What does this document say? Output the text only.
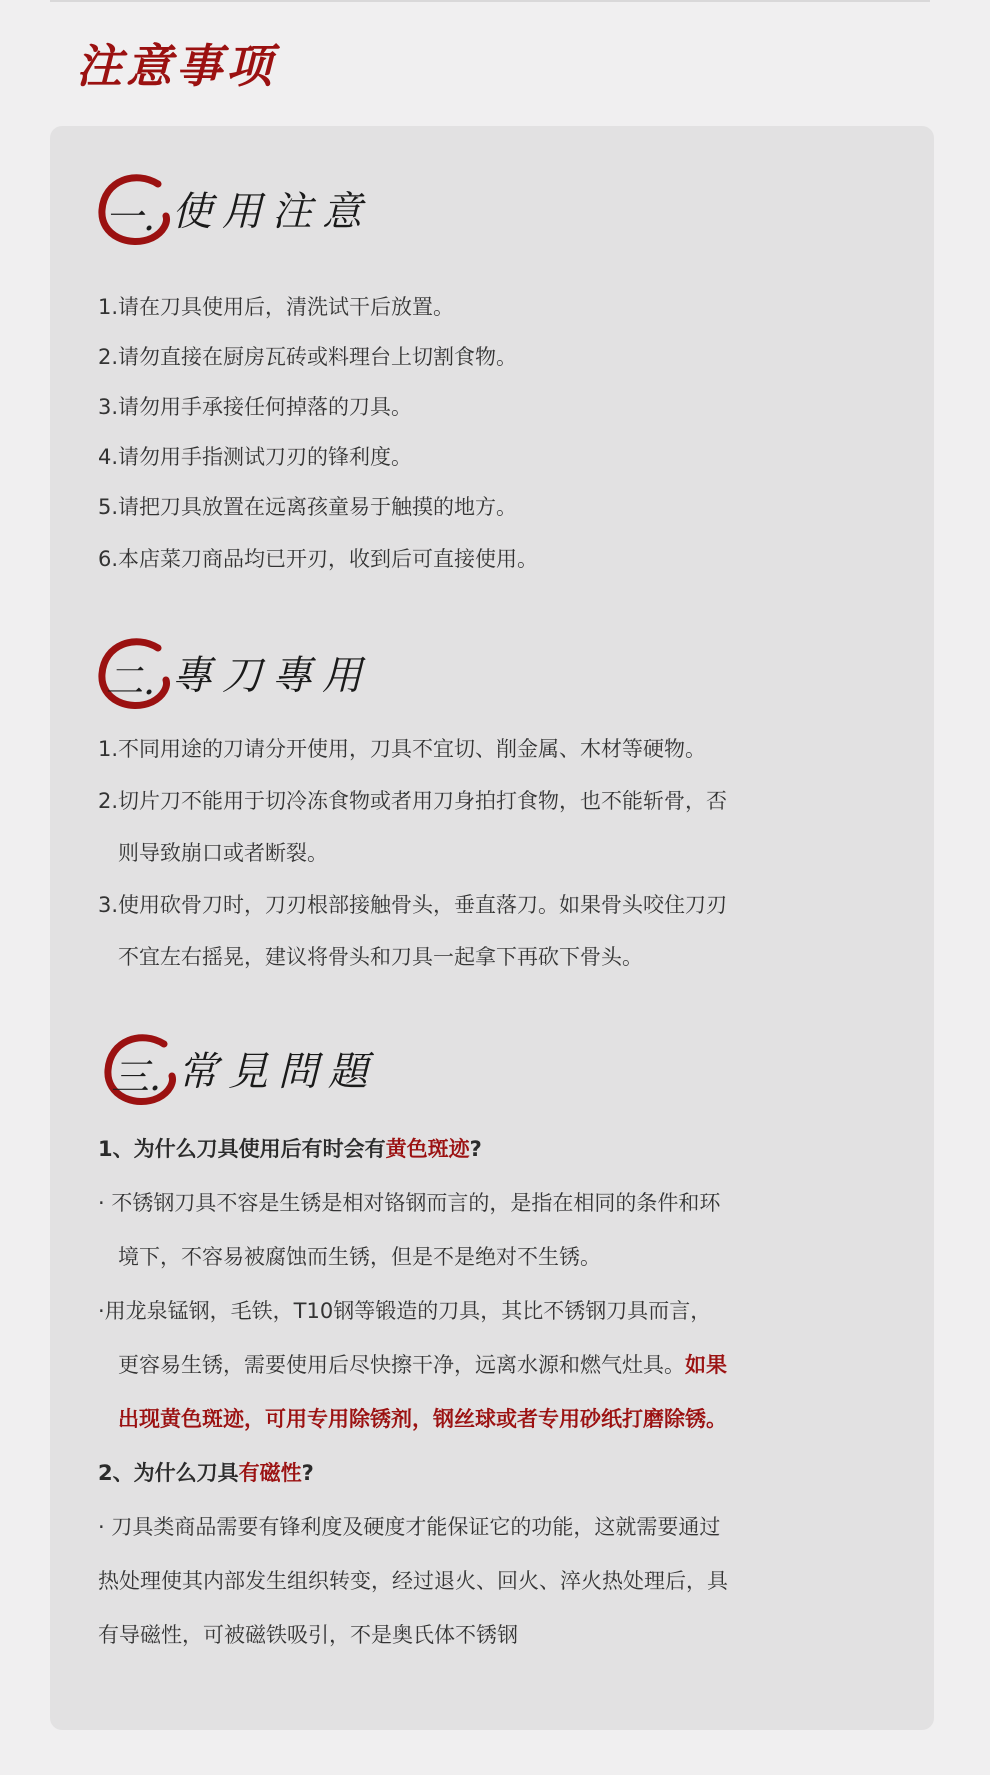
注意事项
一. 使用注意
1.请在刀具使用后，清洗试干后放置。
2.请勿直接在厨房瓦砖或料理台上切割食物。
3.请勿用手承接任何掉落的刀具。
4.请勿用手指测试刀刃的锋利度。
5.请把刀具放置在远离孩童易于触摸的地方。
6.本店菜刀商品均已开刃，收到后可直接使用。
二. 專刀專用
1.不同用途的刀请分开使用，刀具不宜切、削金属、木材等硬物。
2.切片刀不能用于切冷冻食物或者用刀身拍打食物，也不能斩骨，否
则导致崩口或者断裂。
3.使用砍骨刀时，刀刃根部接触骨头，垂直落刀。如果骨头咬住刀刃
不宜左右摇晃，建议将骨头和刀具一起拿下再砍下骨头。
三. 常見問題
1、为什么刀具使用后有时会有黄色斑迹?
· 不锈钢刀具不容是生锈是相对铬钢而言的，是指在相同的条件和环
境下，不容易被腐蚀而生锈，但是不是绝对不生锈。
·用龙泉锰钢，毛铁，T10钢等锻造的刀具，其比不锈钢刀具而言，
更容易生锈，需要使用后尽快擦干净，远离水源和燃气灶具。如果
出现黄色斑迹，可用专用除锈剂，钢丝球或者专用砂纸打磨除锈。
2、为什么刀具有磁性?
· 刀具类商品需要有锋利度及硬度才能保证它的功能，这就需要通过
热处理使其内部发生组织转变，经过退火、回火、淬火热处理后，具
有导磁性，可被磁铁吸引，不是奥氏体不锈钢
